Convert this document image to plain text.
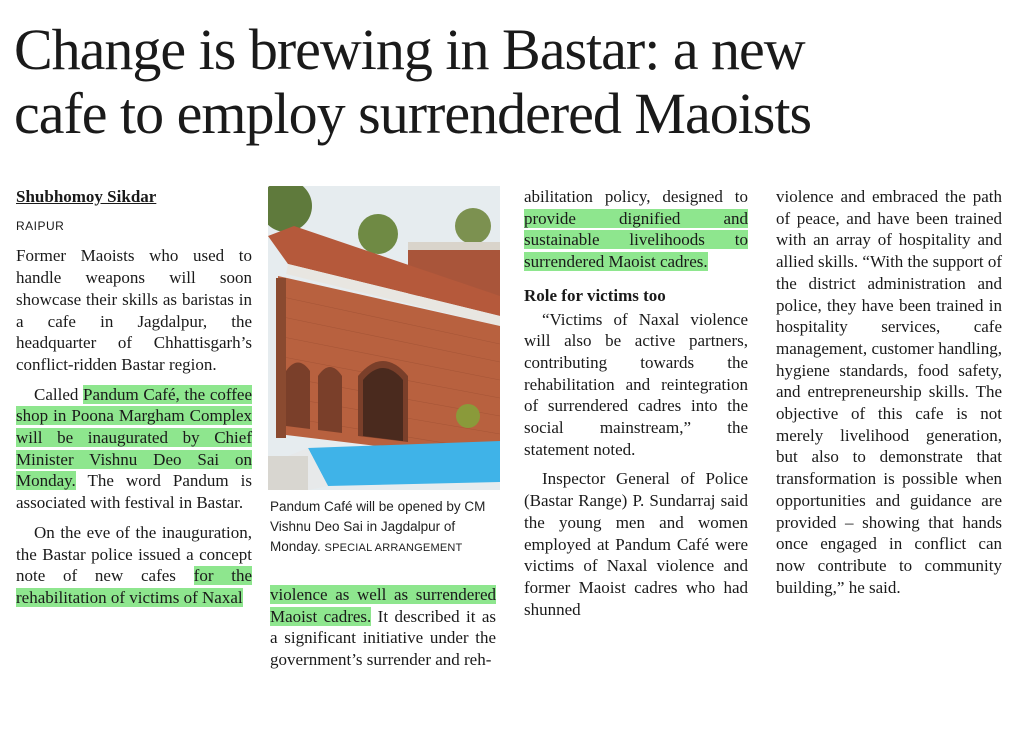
Change is brewing in Bastar: a new
cafe to employ surrendered Maoists

Shubhomoy Sikdar

RAIPUR

Former Maoists who used to handle weapons will soon showcase their skills as baristas in a cafe in Jagdalpur, the headquarter of Chhattisgarh’s conflict-ridden Bastar region.

Called Pandum Café, the coffee shop in Poona Margham Complex will be inaugurated by Chief Minister Vishnu Deo Sai on Monday. The word Pandum is associated with festival in Bastar.

On the eve of the inauguration, the Bastar police issued a concept note of new cafes for the rehabilitation of victims of Naxal

Pandum Café will be opened by CM Vishnu Deo Sai in Jagdalpur of Monday. SPECIAL ARRANGEMENT
violence as well as surrendered Maoist cadres. It described it as a significant initiative under the government’s surrender and reh-

abilitation policy, designed to provide dignified and sustainable livelihoods to surrendered Maoist cadres.

Role for victims too

“Victims of Naxal violence will also be active partners, contributing towards the rehabilitation and reintegration of surrendered cadres into the social mainstream,” the statement noted.

Inspector General of Police (Bastar Range) P. Sundarraj said the young men and women employed at Pandum Café were victims of Naxal violence and former Maoist cadres who had shunned

violence and embraced the path of peace, and have been trained with an array of hospitality and allied skills. “With the support of the district administration and police, they have been trained in hospitality services, cafe management, customer handling, hygiene standards, food safety, and entrepreneurship skills. The objective of this cafe is not merely livelihood generation, but also to demonstrate that transformation is possible when opportunities and guidance are provided – showing that hands once engaged in conflict can now contribute to community building,” he said.
